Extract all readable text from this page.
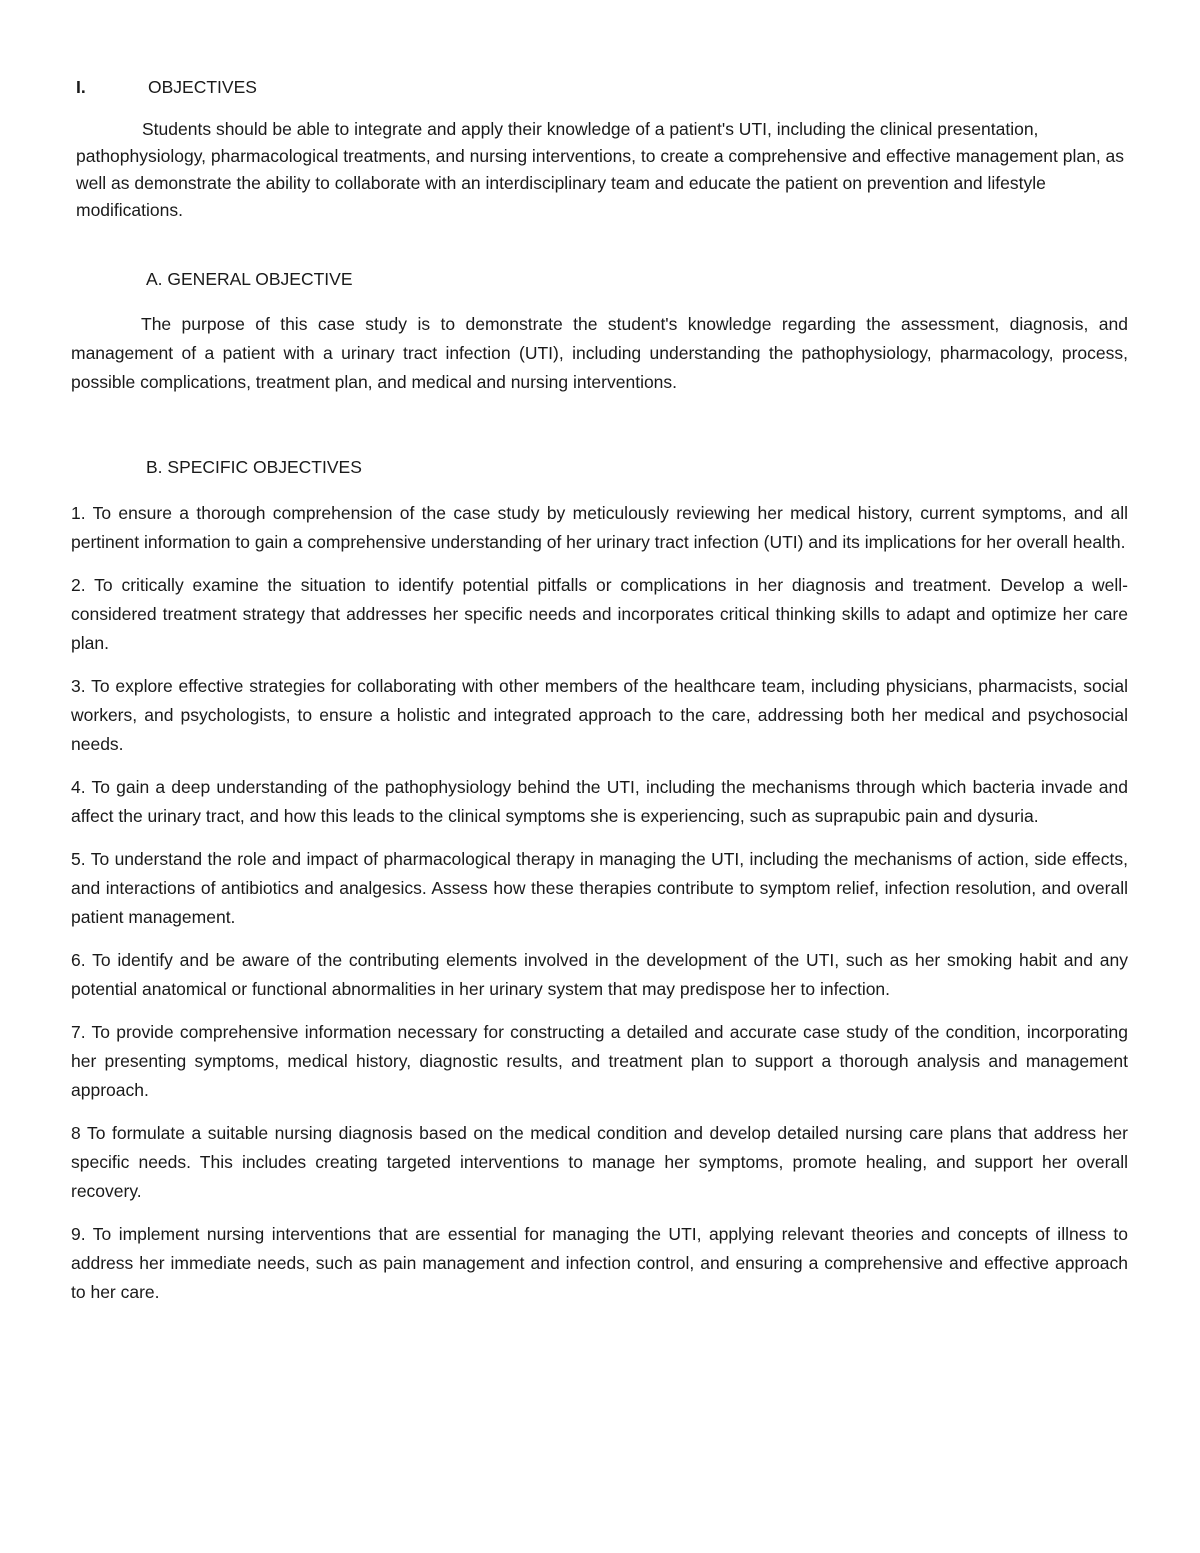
I.	OBJECTIVES

Students should be able to integrate and apply their knowledge of a patient's UTI, including the clinical presentation, pathophysiology, pharmacological treatments, and nursing interventions, to create a comprehensive and effective management plan, as well as demonstrate the ability to collaborate with an interdisciplinary team and educate the patient on prevention and lifestyle modifications.

A. GENERAL OBJECTIVE

The purpose of this case study is to demonstrate the student's knowledge regarding the assessment, diagnosis, and management of a patient with a urinary tract infection (UTI), including understanding the pathophysiology, pharmacology, process, possible complications, treatment plan, and medical and nursing interventions.

B. SPECIFIC OBJECTIVES

1. To ensure a thorough comprehension of the case study by meticulously reviewing her medical history, current symptoms, and all pertinent information to gain a comprehensive understanding of her urinary tract infection (UTI) and its implications for her overall health.
2. To critically examine the situation to identify potential pitfalls or complications in her diagnosis and treatment. Develop a well-considered treatment strategy that addresses her specific needs and incorporates critical thinking skills to adapt and optimize her care plan.
3. To explore effective strategies for collaborating with other members of the healthcare team, including physicians, pharmacists, social workers, and psychologists, to ensure a holistic and integrated approach to the care, addressing both her medical and psychosocial needs.
4. To gain a deep understanding of the pathophysiology behind the UTI, including the mechanisms through which bacteria invade and affect the urinary tract, and how this leads to the clinical symptoms she is experiencing, such as suprapubic pain and dysuria.
5. To understand the role and impact of pharmacological therapy in managing the UTI, including the mechanisms of action, side effects, and interactions of antibiotics and analgesics. Assess how these therapies contribute to symptom relief, infection resolution, and overall patient management.
6. To identify and be aware of the contributing elements involved in the development of the UTI, such as her smoking habit and any potential anatomical or functional abnormalities in her urinary system that may predispose her to infection.
7. To provide comprehensive information necessary for constructing a detailed and accurate case study of the condition, incorporating her presenting symptoms, medical history, diagnostic results, and treatment plan to support a thorough analysis and management approach.
8 To formulate a suitable nursing diagnosis based on the medical condition and develop detailed nursing care plans that address her specific needs. This includes creating targeted interventions to manage her symptoms, promote healing, and support her overall recovery.
9. To implement nursing interventions that are essential for managing the UTI, applying relevant theories and concepts of illness to address her immediate needs, such as pain management and infection control, and ensuring a comprehensive and effective approach to her care.
